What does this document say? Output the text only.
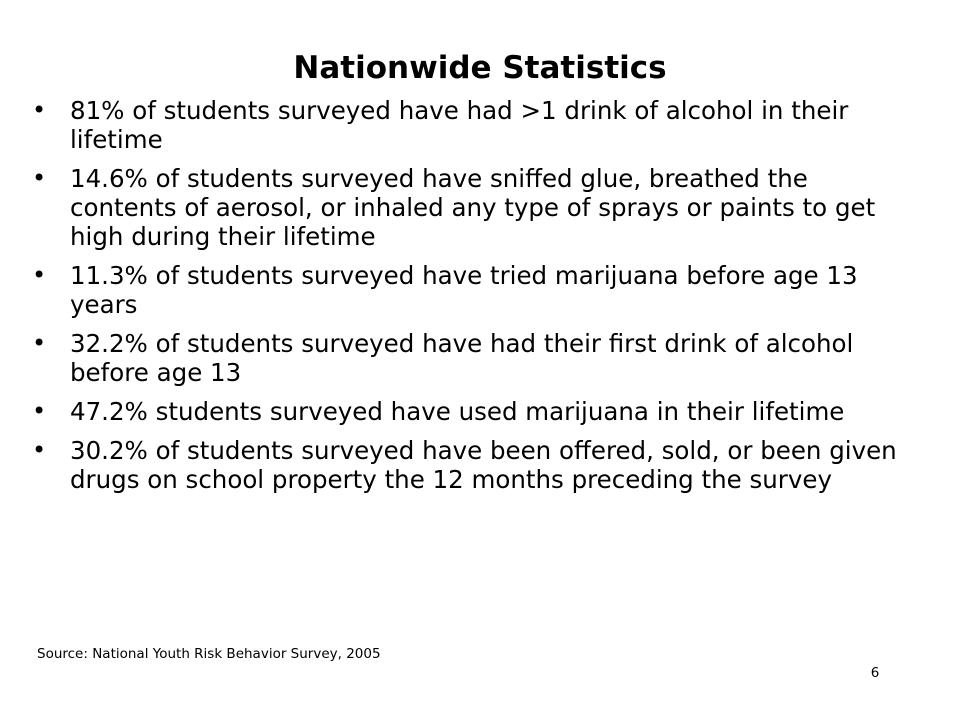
Nationwide Statistics
• 81% of students surveyed have had >1 drink of alcohol in their lifetime
• 14.6% of students surveyed have sniffed glue, breathed the contents of aerosol, or inhaled any type of sprays or paints to get high during their lifetime
• 11.3% of students surveyed have tried marijuana before age 13 years
• 32.2% of students surveyed have had their first drink of alcohol before age 13
• 47.2% students surveyed have used marijuana in their lifetime
• 30.2% of students surveyed have been offered, sold, or been given drugs on school property the 12 months preceding the survey
Source: National Youth Risk Behavior Survey, 2005
6
